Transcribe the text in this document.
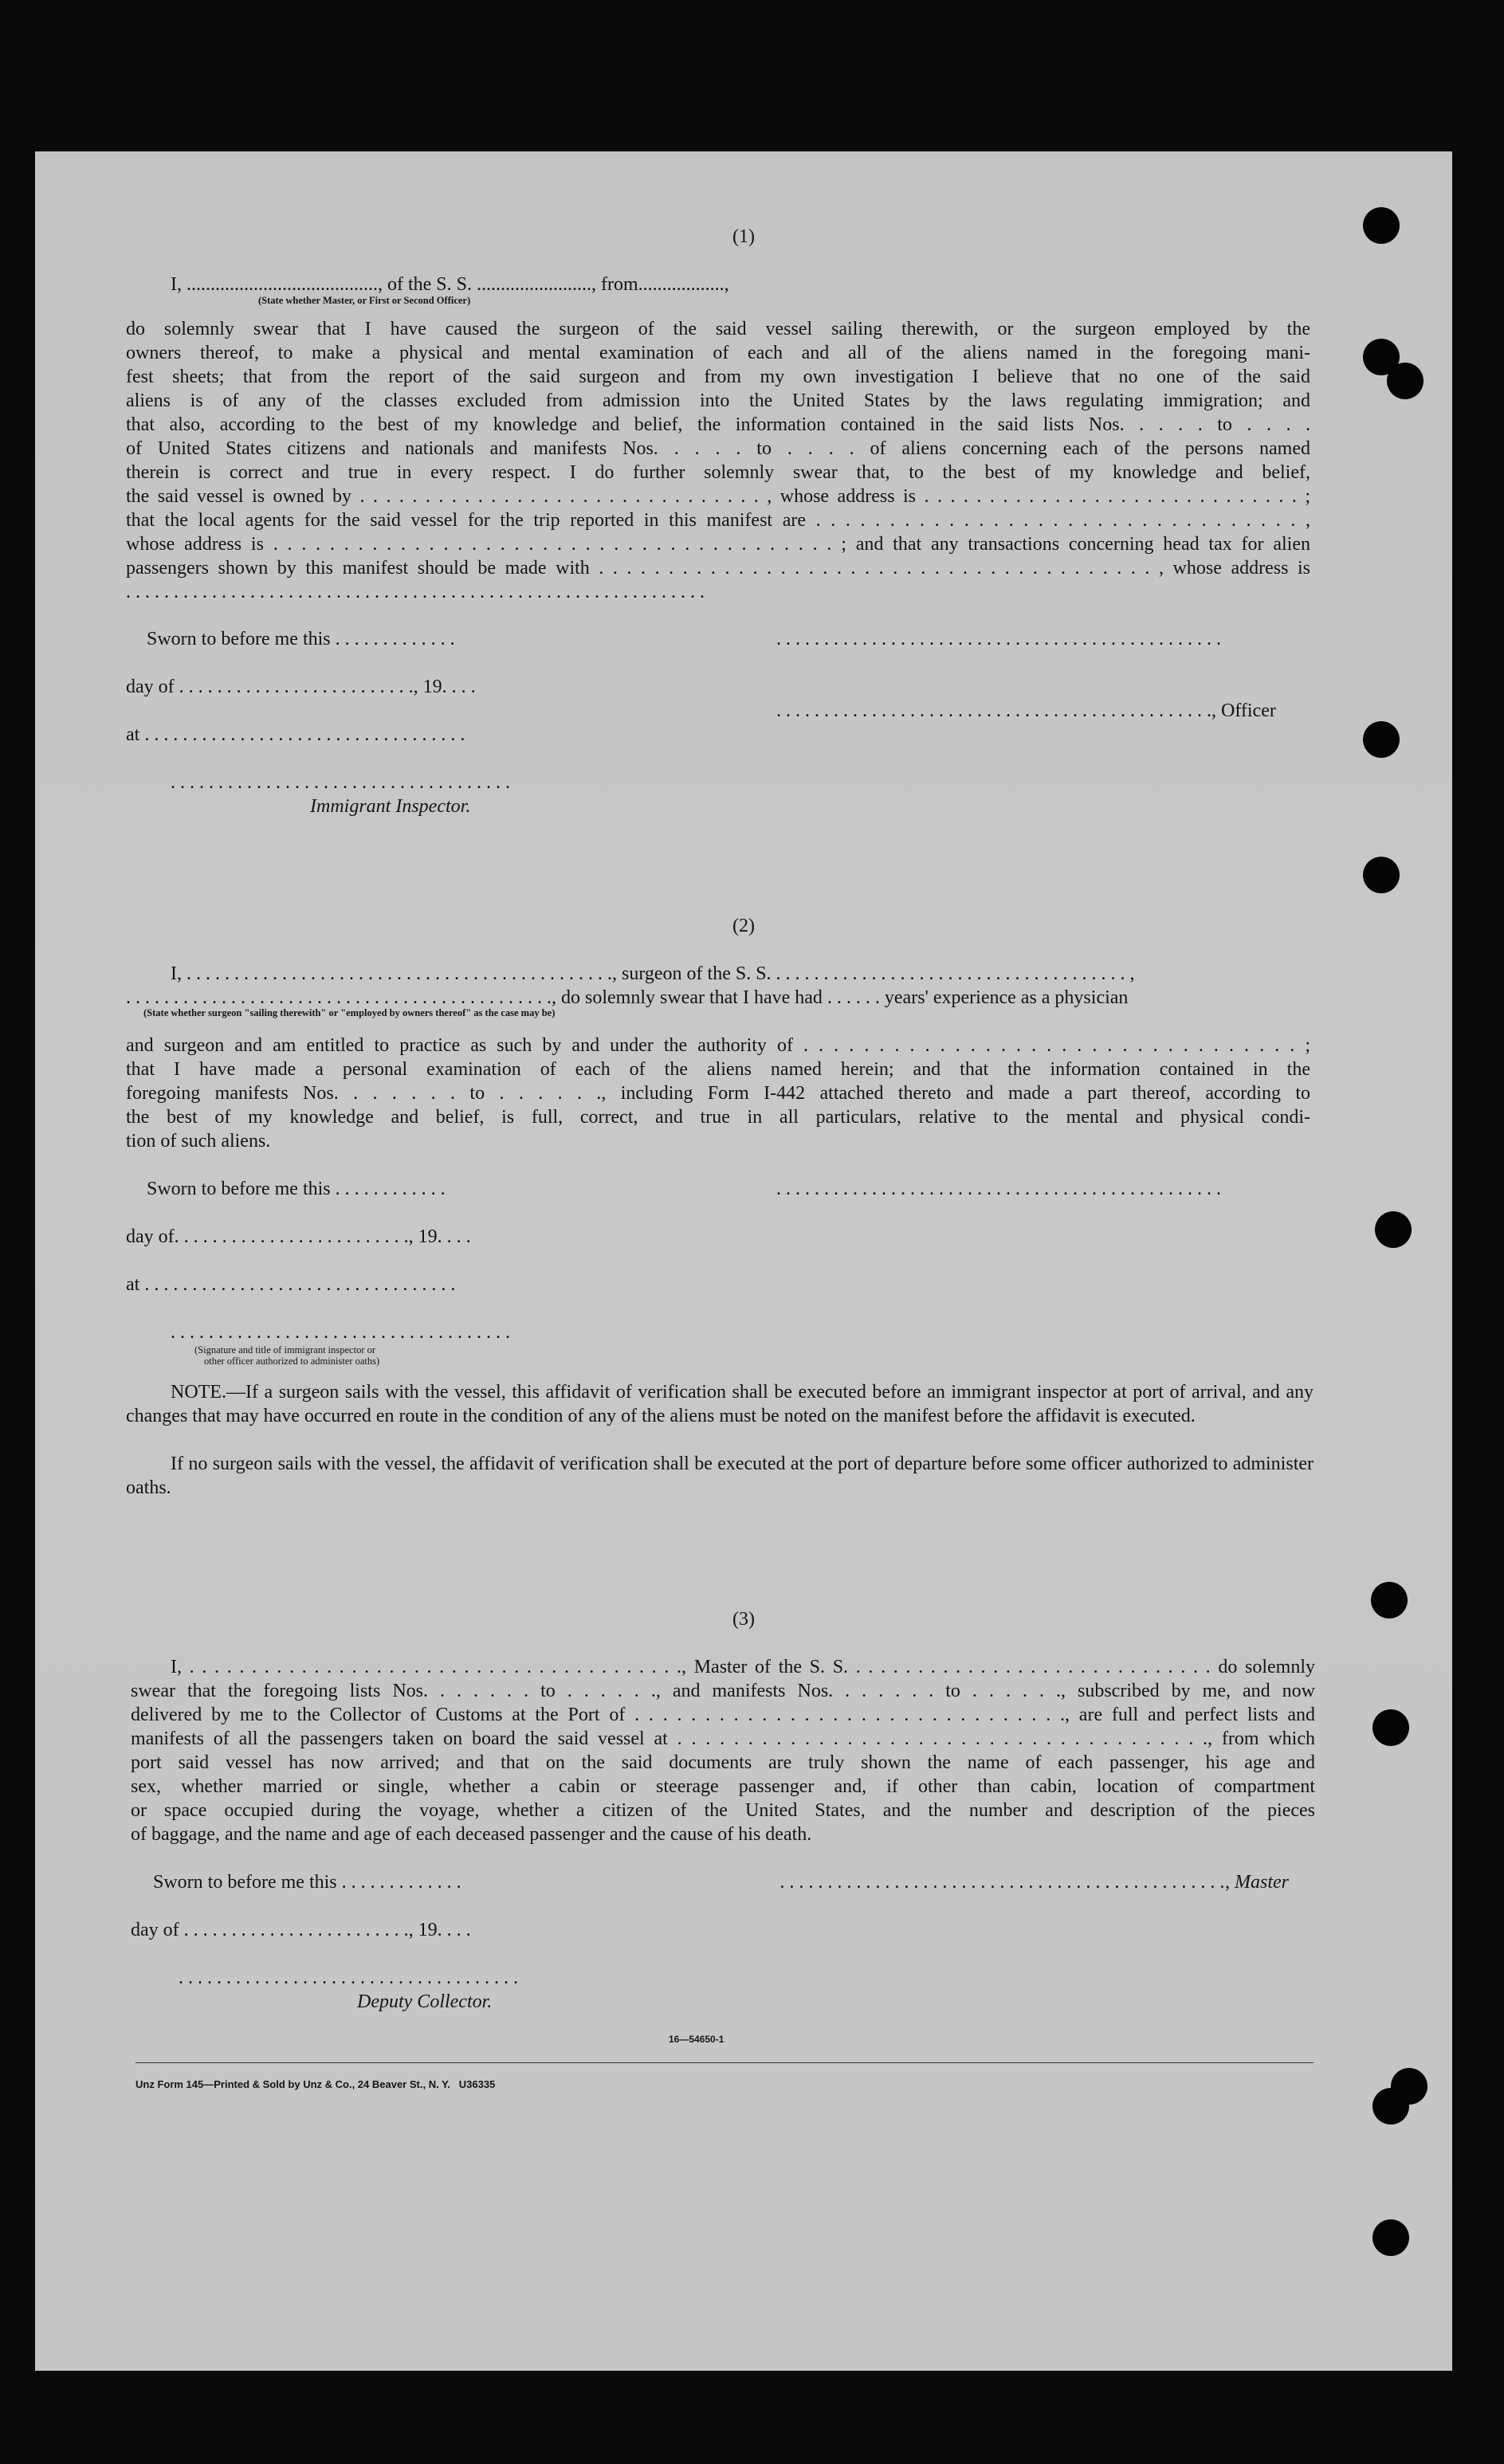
(1)
I, ........................................, of the S. S. ........................, from..................,
(State whether Master, or First or Second Officer)
do solemnly swear that I have caused the surgeon of the said vessel sailing therewith, or the surgeon employed by the
owners thereof, to make a physical and mental examination of each and all of the aliens named in the foregoing mani-
fest sheets; that from the report of the said surgeon and from my own investigation I believe that no one of the said
aliens is of any of the classes excluded from admission into the United States by the laws regulating immigration; and
that also, according to the best of my knowledge and belief, the information contained in the said lists Nos. . . . . to . . . .
of United States citizens and nationals and manifests Nos. . . . . to . . . . of aliens concerning each of the persons named
therein is correct and true in every respect. I do further solemnly swear that, to the best of my knowledge and belief,
the said vessel is owned by . . . . . . . . . . . . . . . . . . . . . . . . . . . . . . . , whose address is . . . . . . . . . . . . . . . . . . . . . . . . . . . . . ;
that the local agents for the said vessel for the trip reported in this manifest are . . . . . . . . . . . . . . . . . . . . . . . . . . . . . . . . . ,
whose address is . . . . . . . . . . . . . . . . . . . . . . . . . . . . . . . . . . . . . . . . ; and that any transactions concerning head tax for alien
passengers shown by this manifest should be made with . . . . . . . . . . . . . . . . . . . . . . . . . . . . . . . . . . . . . . . . , whose address is
. . . . . . . . . . . . . . . . . . . . . . . . . . . . . . . . . . . . . . . . . . . . . . . . . . . . . . . . . . . . .
Sworn to before me this . . . . . . . . . . . . .	. . . . . . . . . . . . . . . . . . . . . . . . . . . . . . . . . . . . . . . . . . . . . . .
day of . . . . . . . . . . . . . . . . . . . . . . . . ., 19. . . .
. . . . . . . . . . . . . . . . . . . . . . . . . . . . . . . . . . . . . . . . . . . . . ., Officer
at . . . . . . . . . . . . . . . . . . . . . . . . . . . . . . . . . .
. . . . . . . . . . . . . . . . . . . . . . . . . . . . . . . . . . . .
Immigrant Inspector.
(2)
I, . . . . . . . . . . . . . . . . . . . . . . . . . . . . . . . . . . . . . . . . . . . . ., surgeon of the S. S. . . . . . . . . . . . . . . . . . . . . . . . . . . . . . . . . . . . . . ,
. . . . . . . . . . . . . . . . . . . . . . . . . . . . . . . . . . . . . . . . . . . . ., do solemnly swear that I have had . . . . . . years' experience as a physician
(State whether surgeon "sailing therewith" or "employed by owners thereof" as the case may be)
and surgeon and am entitled to practice as such by and under the authority of . . . . . . . . . . . . . . . . . . . . . . . . . . . . . . . . . ;
that I have made a personal examination of each of the aliens named herein; and that the information contained in the
foregoing manifests Nos. . . . . . . to . . . . . ., including Form I-442 attached thereto and made a part thereof, according to
the best of my knowledge and belief, is full, correct, and true in all particulars, relative to the mental and physical condi-
tion of such aliens.
Sworn to before me this . . . . . . . . . . . .	. . . . . . . . . . . . . . . . . . . . . . . . . . . . . . . . . . . . . . . . . . . . . . .
day of. . . . . . . . . . . . . . . . . . . . . . . . ., 19. . . .
at . . . . . . . . . . . . . . . . . . . . . . . . . . . . . . . . .
. . . . . . . . . . . . . . . . . . . . . . . . . . . . . . . . . . . .
(Signature and title of immigrant inspector or
other officer authorized to administer oaths)
NOTE.—If a surgeon sails with the vessel, this affidavit of verification shall be executed before an immigrant inspector at port of arrival, and any changes that may have occurred en route in the condition of any of the aliens must be noted on the manifest before the affidavit is executed.
If no surgeon sails with the vessel, the affidavit of verification shall be executed at the port of departure before some officer authorized to administer oaths.
(3)
I, . . . . . . . . . . . . . . . . . . . . . . . . . . . . . . . . . . . . . . . ., Master of the S. S. . . . . . . . . . . . . . . . . . . . . . . . . . . . . . do solemnly
swear that the foregoing lists Nos. . . . . . . to . . . . . ., and manifests Nos. . . . . . . to . . . . . ., subscribed by me, and now
delivered by me to the Collector of Customs at the Port of . . . . . . . . . . . . . . . . . . . . . . . . . . . . . . ., are full and perfect lists and
manifests of all the passengers taken on board the said vessel at . . . . . . . . . . . . . . . . . . . . . . . . . . . . . . . . . . . . . ., from which
port said vessel has now arrived; and that on the said documents are truly shown the name of each passenger, his age and
sex, whether married or single, whether a cabin or steerage passenger and, if other than cabin, location of compartment
or space occupied during the voyage, whether a citizen of the United States, and the number and description of the pieces
of baggage, and the name and age of each deceased passenger and the cause of his death.
Sworn to before me this . . . . . . . . . . . . .	. . . . . . . . . . . . . . . . . . . . . . . . . . . . . . . . . . . . . . . . . . . . . . ., Master
day of . . . . . . . . . . . . . . . . . . . . . . . ., 19. . . .
. . . . . . . . . . . . . . . . . . . . . . . . . . . . . . . . . . . .
Deputy Collector.
16—54650-1
Unz Form 145—Printed & Sold by Unz & Co., 24 Beaver St., N. Y.   U36335
